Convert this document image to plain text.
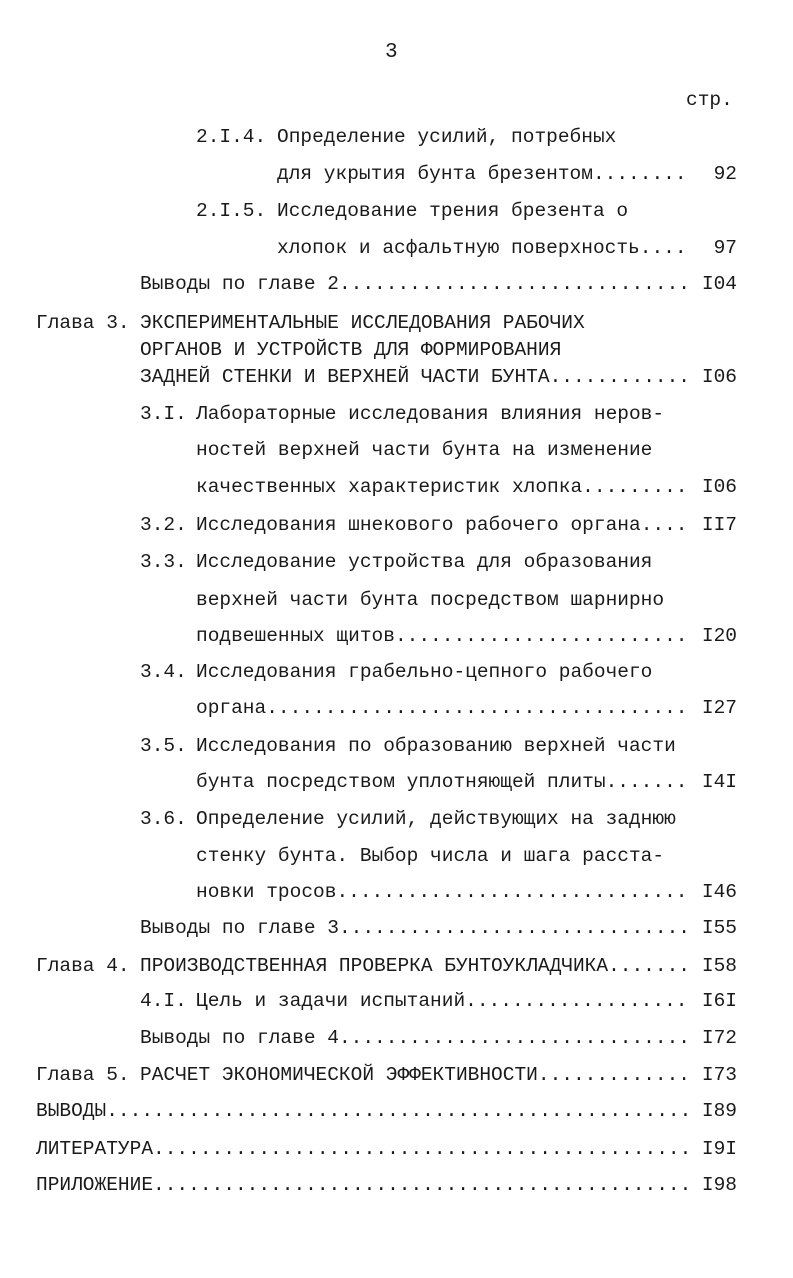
3
стр.
2.I.4. Определение усилий, потребных
для укрытия бунта брезентом .....	92
2.I.5. Исследование трения брезента о
хлопок и асфальтную поверхность .....	97
Выводы по главе 2 .....	I04
Глава 3. ЭКСПЕРИМЕНТАЛЬНЫЕ ИССЛЕДОВАНИЯ РАБОЧИХ
ОРГАНОВ И УСТРОЙСТВ ДЛЯ ФОРМИРОВАНИЯ
ЗАДНЕЙ СТЕНКИ И ВЕРХНЕЙ ЧАСТИ БУНТА .....	I06
3.I. Лабораторные исследования влияния неров-
ностей верхней части бунта на изменение
качественных характеристик хлопка .....	I06
3.2. Исследования шнекового рабочего органа .....	II7
3.3. Исследование устройства для образования
верхней части бунта посредством шарнирно
подвешенных щитов .....	I20
3.4. Исследования грабельно-цепного рабочего
органа .....	I27
3.5. Исследования по образованию верхней части
бунта посредством уплотняющей плиты .....	I4I
3.6. Определение усилий, действующих на заднюю
стенку бунта. Выбор числа и шага расста-
новки тросов .....	I46
Выводы по главе 3 .....	I55
Глава 4. ПРОИЗВОДСТВЕННАЯ ПРОВЕРКА БУНТОУКЛАДЧИКА .....	I58
4.I. Цель и задачи испытаний .....	I6I
Выводы по главе 4 .....	I72
Глава 5. РАСЧЕТ ЭКОНОМИЧЕСКОЙ ЭФФЕКТИВНОСТИ .....	I73
ВЫВОДЫ .....	I89
ЛИТЕРАТУРА .....	I9I
ПРИЛОЖЕНИЕ .....	I98
